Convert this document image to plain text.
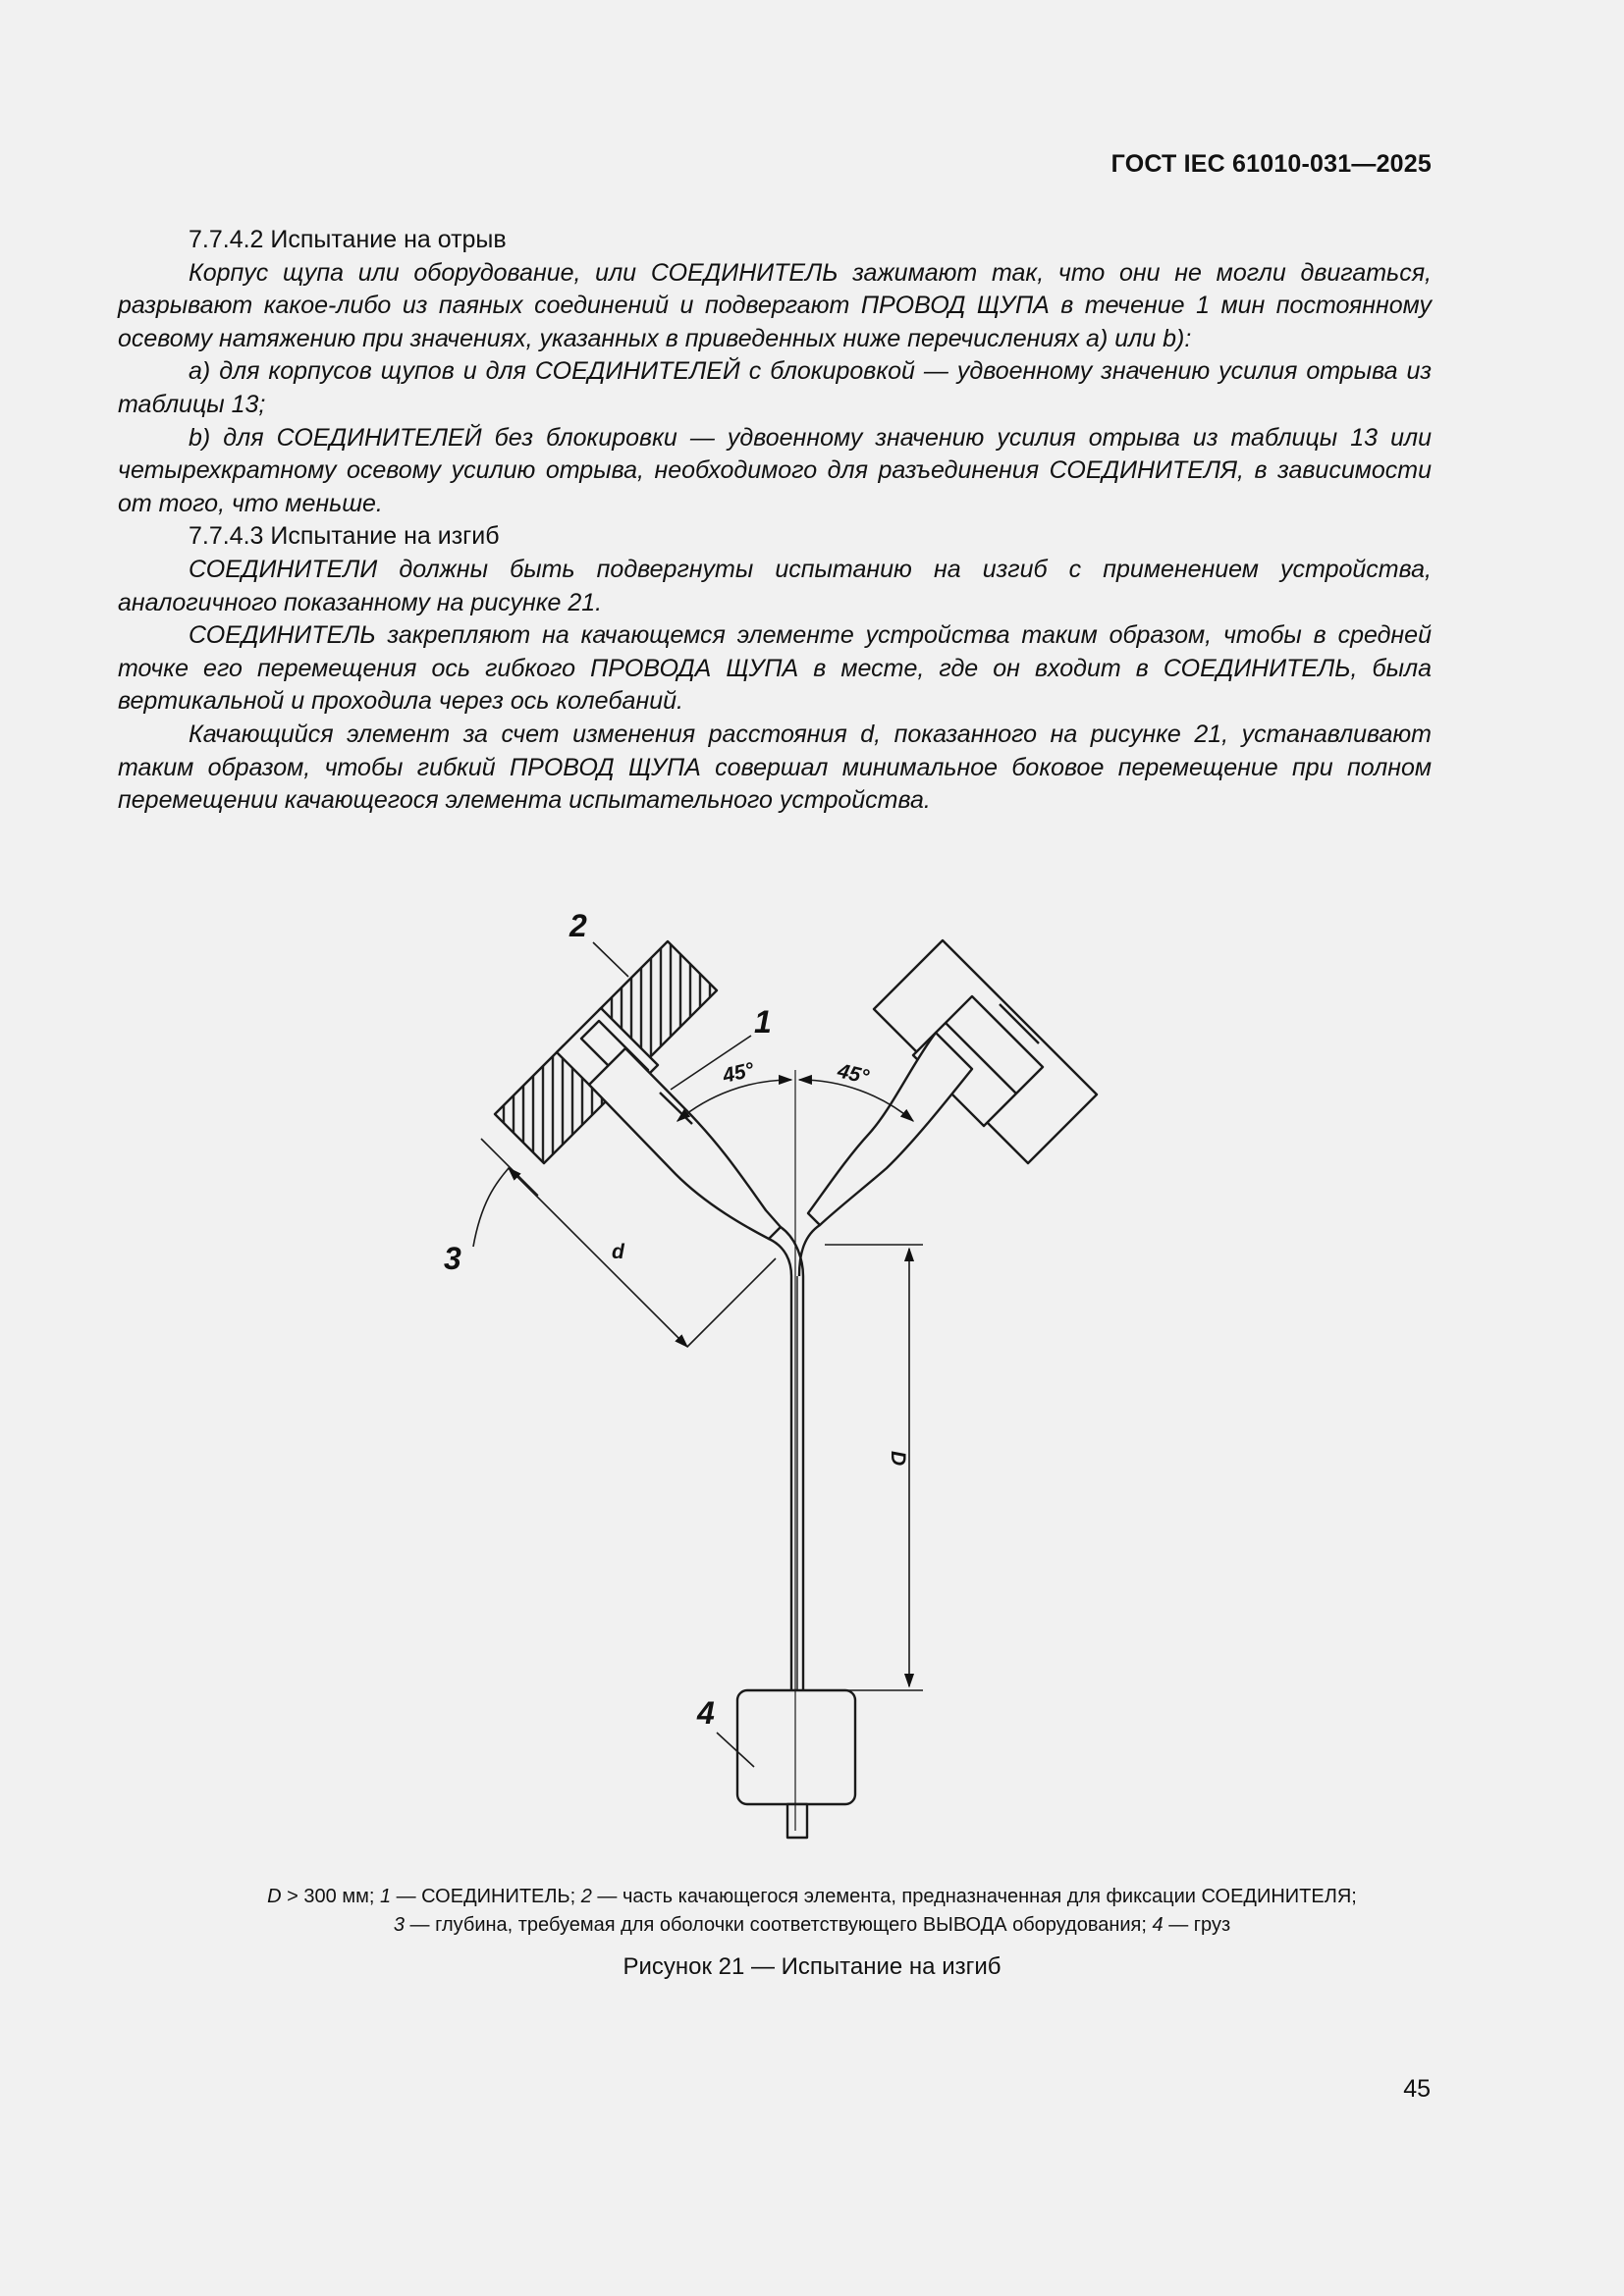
ГОСТ IEC 61010-031—2025

7.7.4.2 Испытание на отрыв

Корпус щупа или оборудование, или СОЕДИНИТЕЛЬ зажимают так, что они не могли двигаться, разрывают какое-либо из паяных соединений и подвергают ПРОВОД ЩУПА в течение 1 мин постоянному осевому натяжению при значениях, указанных в приведенных ниже перечислениях а) или b):

а) для корпусов щупов и для СОЕДИНИТЕЛЕЙ с блокировкой — удвоенному значению усилия отрыва из таблицы 13;

b) для СОЕДИНИТЕЛЕЙ без блокировки — удвоенному значению усилия отрыва из таблицы 13 или четырехкратному осевому усилию отрыва, необходимого для разъединения СОЕДИНИТЕЛЯ, в зависимости от того, что меньше.

7.7.4.3 Испытание на изгиб

СОЕДИНИТЕЛИ должны быть подвергнуты испытанию на изгиб с применением устройства, аналогичного показанному на рисунке 21.

СОЕДИНИТЕЛЬ закрепляют на качающемся элементе устройства таким образом, чтобы в средней точке его перемещения ось гибкого ПРОВОДА ЩУПА в месте, где он входит в СОЕДИНИТЕЛЬ, была вертикальной и проходила через ось колебаний.

Качающийся элемент за счет изменения расстояния d, показанного на рисунке 21, устанавливают таким образом, чтобы гибкий ПРОВОД ЩУПА совершал минимальное боковое перемещение при полном перемещении качающегося элемента испытательного устройства.

2
1
3
4
45°	45°
d
D
D > 300 мм; 1 — СОЕДИНИТЕЛЬ; 2 — часть качающегося элемента, предназначенная для фиксации СОЕДИНИТЕЛЯ;
3 — глубина, требуемая для оболочки соответствующего ВЫВОДА оборудования; 4 — груз
Рисунок 21 — Испытание на изгиб
45
